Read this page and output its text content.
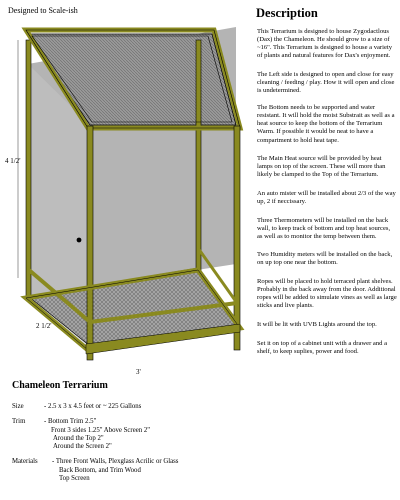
Designed to Scale-ish
4 1/2'
2 1/2'
3'
Description

This Terrarium is designed to house Zygodactlous (Dax) the Chameleon. He should grow to a size of ~16". This Terrarium is designed to house a variety of plants and natural features for Dax's enjoyment.

The Left side is designed to open and close for easy cleaning / feeding / play. How it will open and close is undetermined.

The Bottom needs to be supported and water resistant. It will hold the moist Substrait as well as a heat source to keep the bottom of the Terrarium Warm. If possible it would be neat to have a compartment to hold heat tape.

The Main Heat source will be provided by heat lamps on top of the screen. These will more than likely be clamped to the Top of the Terrarium.

An auto mister will be installed about 2/3 of the way up, 2 if neccissary.

Three Thermometers will be installed on the back wall, to keep track of bottom and top heat sources, as well as to monitor the temp between them.

Two Humidity meters will be installed on the back, on up top one near the bottom.

Ropes will be placed to hold terraced plant shelves. Probably in the back away from the door. Additional ropes will be added to simulate vines as well as large sticks and live plants.

It will be lit with UVB Lights around the top.

Set it on top of a cabinet unit with a drawer and a shelf, to keep suplies, power and food.

Chameleon Terrarium
Size	- 2.5 x 3 x 4.5 feet or ~ 225 Gallons
Trim	- Bottom Trim 2.5"
Front 3 sides 1.25" Above Screen 2"
Around the Top 2"
Around the Screen 2"
Materials	- Three Front Walls, Plexglass Acrilic or Glass
Back Bottom, and Trim Wood
Top Screen
